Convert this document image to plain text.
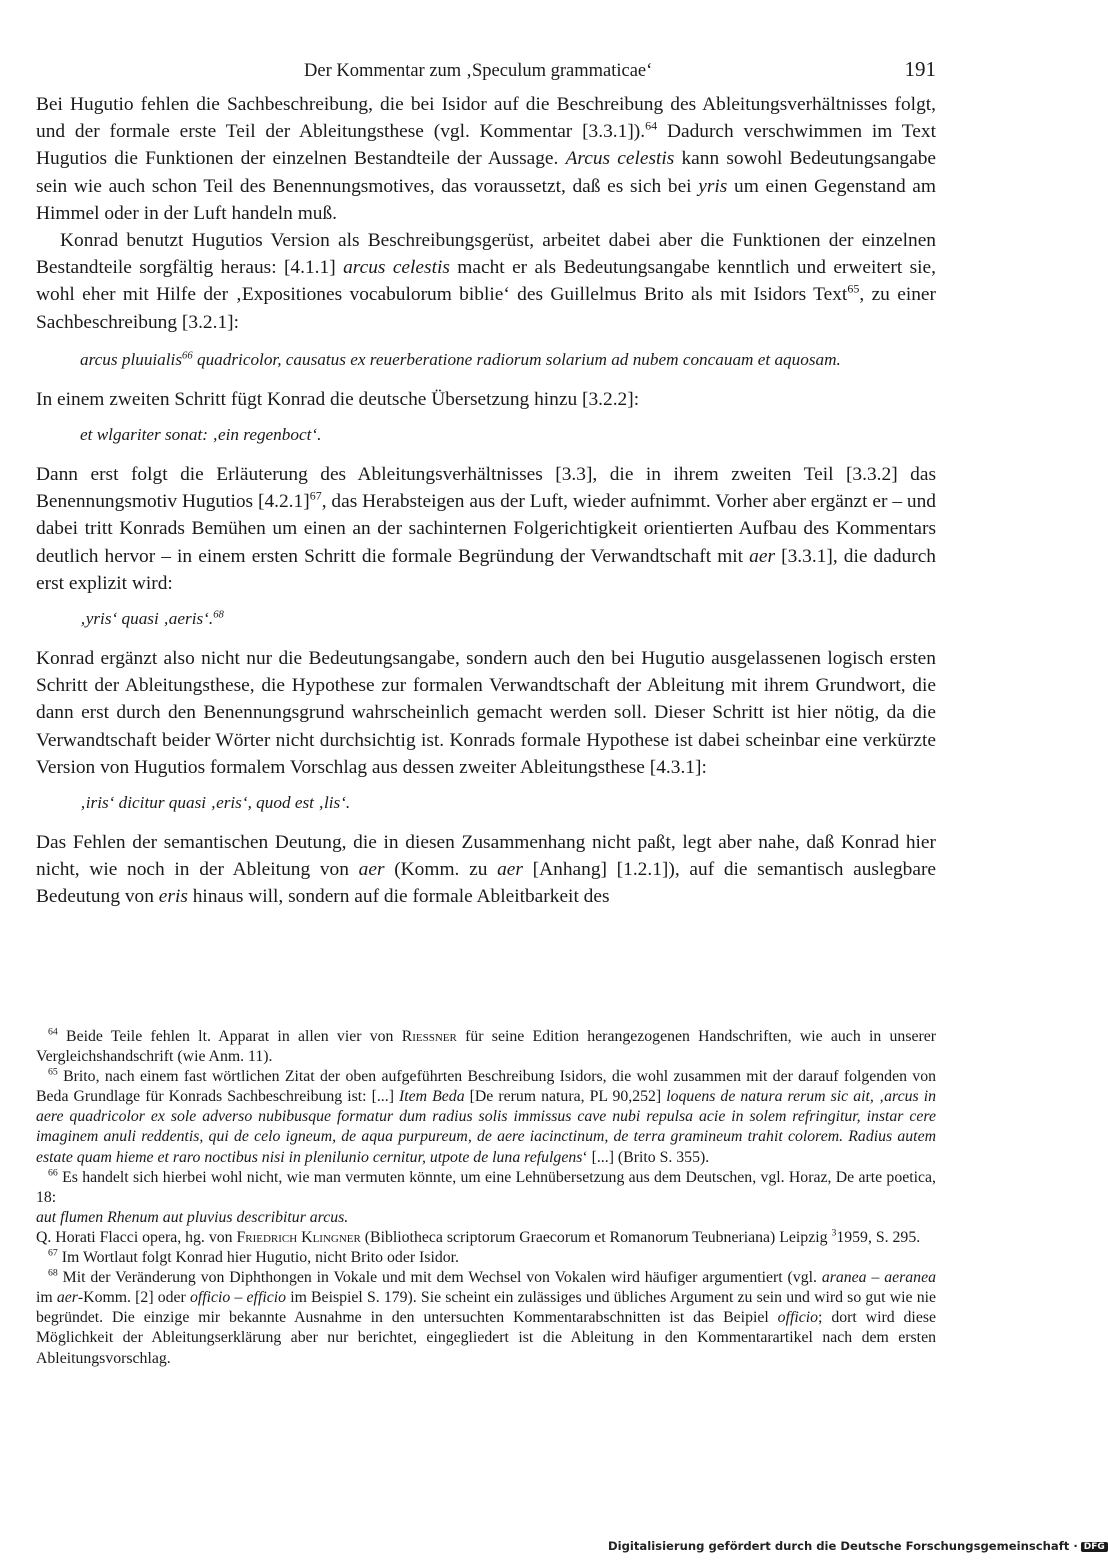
Der Kommentar zum ‚Speculum grammaticae‘	191

Bei Hugutio fehlen die Sachbeschreibung, die bei Isidor auf die Beschreibung des Ableitungsverhältnisses folgt, und der formale erste Teil der Ableitungsthese (vgl. Kommentar [3.3.1]).$^{64}$ Dadurch verschwimmen im Text Hugutios die Funktionen der einzelnen Bestandteile der Aussage. Arcus celestis kann sowohl Bedeutungsangabe sein wie auch schon Teil des Benennungsmotives, das voraussetzt, daß es sich bei yris um einen Gegenstand am Himmel oder in der Luft handeln muß.

Konrad benutzt Hugutios Version als Beschreibungsgerüst, arbeitet dabei aber die Funktionen der einzelnen Bestandteile sorgfältig heraus: [4.1.1] arcus celestis macht er als Bedeutungsangabe kenntlich und erweitert sie, wohl eher mit Hilfe der ‚Expositiones vocabulorum biblie‘ des Guillelmus Brito als mit Isidors Text$^{65}$, zu einer Sachbeschreibung [3.2.1]:

arcus pluuialis$^{66}$ quadricolor, causatus ex reuerberatione radiorum solarium ad nubem concauam et aquosam.

In einem zweiten Schritt fügt Konrad die deutsche Übersetzung hinzu [3.2.2]:

et wlgariter sonat: ‚ein regenboct‘.

Dann erst folgt die Erläuterung des Ableitungsverhältnisses [3.3], die in ihrem zweiten Teil [3.3.2] das Benennungsmotiv Hugutios $[4.2.1]^{67}$, das Herabsteigen aus der Luft, wieder aufnimmt. Vorher aber ergänzt er – und dabei tritt Konrads Bemühen um einen an der sachinternen Folgerichtigkeit orientierten Aufbau des Kommentars deutlich hervor – in einem ersten Schritt die formale Begründung der Verwandtschaft mit aer [3.3.1], die dadurch erst explizit wird:

‚yris‘ quasi ‚aeris‘.$^{68}$

Konrad ergänzt also nicht nur die Bedeutungsangabe, sondern auch den bei Hugutio ausgelassenen logisch ersten Schritt der Ableitungsthese, die Hypothese zur formalen Verwandtschaft der Ableitung mit ihrem Grundwort, die dann erst durch den Benennungsgrund wahrscheinlich gemacht werden soll. Dieser Schritt ist hier nötig, da die Verwandtschaft beider Wörter nicht durchsichtig ist. Konrads formale Hypothese ist dabei scheinbar eine verkürzte Version von Hugutios formalem Vorschlag aus dessen zweiter Ableitungsthese [4.3.1]:

‚iris‘ dicitur quasi ‚eris‘, quod est ‚lis‘.

Das Fehlen der semantischen Deutung, die in diesen Zusammenhang nicht paßt, legt aber nahe, daß Konrad hier nicht, wie noch in der Ableitung von aer (Komm. zu aer [Anhang] [1.2.1]), auf die semantisch auslegbare Bedeutung von eris hinaus will, sondern auf die formale Ableitbarkeit des

$^{64}$ Beide Teile fehlen lt. Apparat in allen vier von Riessner für seine Edition herangezogenen Handschriften, wie auch in unserer Vergleichshandschrift (wie Anm. 11).

$^{65}$ Brito, nach einem fast wörtlichen Zitat der oben aufgeführten Beschreibung Isidors, die wohl zusammen mit der darauf folgenden von Beda Grundlage für Konrads Sachbeschreibung ist: [...] Item Beda [De rerum natura, PL 90,252] loquens de natura rerum sic ait, ‚arcus in aere quadricolor ex sole adverso nubibusque formatur dum radius solis immissus cave nubi repulsa acie in solem refringitur, instar cere imaginem anuli reddentis, qui de celo igneum, de aqua purpureum, de aere iacinctinum, de terra gramineum trahit colorem. Radius autem estate quam hieme et raro noctibus nisi in plenilunio cernitur, utpote de luna refulgens‘ [...] (Brito S. 355).

$^{66}$ Es handelt sich hierbei wohl nicht, wie man vermuten könnte, um eine Lehnübersetzung aus dem Deutschen, vgl. Horaz, De arte poetica, 18:

aut flumen Rhenum aut pluvius describitur arcus.

Q. Horati Flacci opera, hg. von Friedrich Klingner (Bibliotheca scriptorum Graecorum et Romanorum Teubneriana) Leipzig $^3$1959, S. 295.

$^{67}$ Im Wortlaut folgt Konrad hier Hugutio, nicht Brito oder Isidor.

$^{68}$ Mit der Veränderung von Diphthongen in Vokale und mit dem Wechsel von Vokalen wird häufiger argumentiert (vgl. aranea – aeranea im aer-Komm. [2] oder officio – efficio im Beispiel S. 179). Sie scheint ein zulässiges und übliches Argument zu sein und wird so gut wie nie begründet. Die einzige mir bekannte Ausnahme in den untersuchten Kommentarabschnitten ist das Beipiel officio; dort wird diese Möglichkeit der Ableitungserklärung aber nur berichtet, eingegliedert ist die Ableitung in den Kommentarartikel nach dem ersten Ableitungsvorschlag.

Digitalisierung gefördert durch die Deutsche Forschungsgemeinschaft · DFG
